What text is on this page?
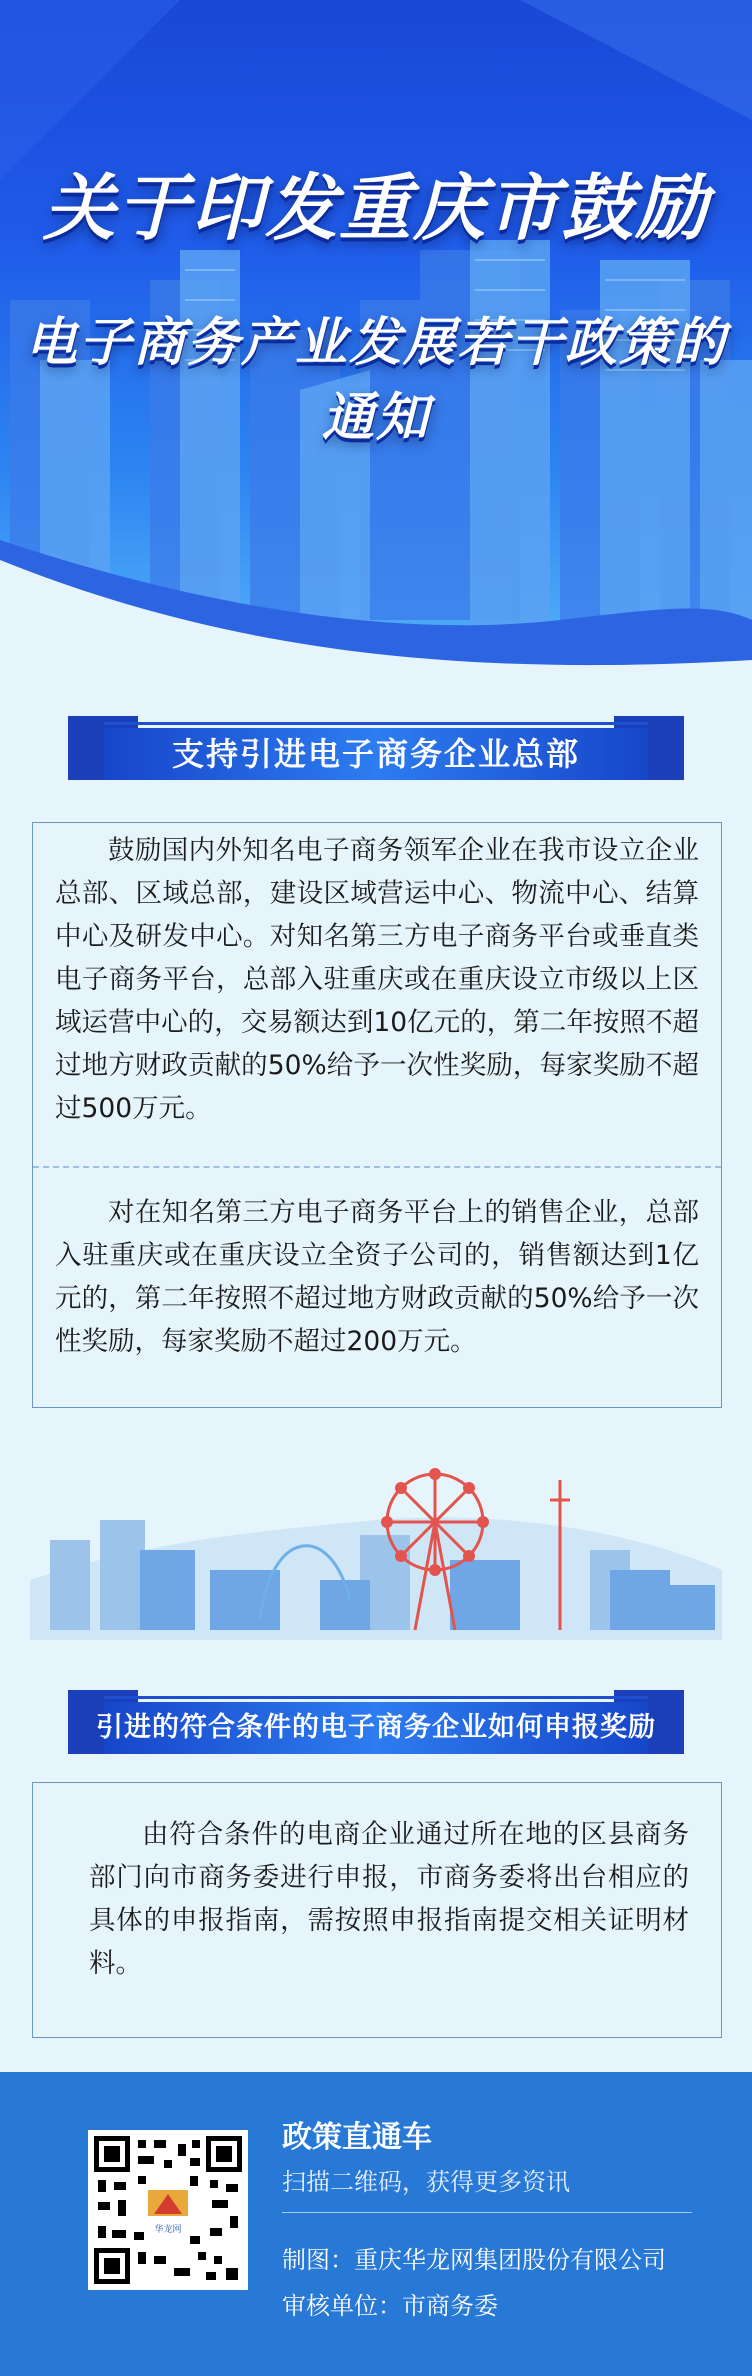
关于印发重庆市鼓励
电子商务产业发展若干政策的通知
支持引进电子商务企业总部
鼓励国内外知名电子商务领军企业在我市设立企业总部、区域总部，建设区域营运中心、物流中心、结算中心及研发中心。对知名第三方电子商务平台或垂直类电子商务平台，总部入驻重庆或在重庆设立市级以上区域运营中心的，交易额达到10亿元的，第二年按照不超过地方财政贡献的50%给予一次性奖励，每家奖励不超过500万元。
对在知名第三方电子商务平台上的销售企业，总部入驻重庆或在重庆设立全资子公司的，销售额达到1亿元的，第二年按照不超过地方财政贡献的50%给予一次性奖励，每家奖励不超过200万元。
引进的符合条件的电子商务企业如何申报奖励
由符合条件的电商企业通过所在地的区县商务部门向市商务委进行申报，市商务委将出台相应的具体的申报指南，需按照申报指南提交相关证明材料。
华龙网
政策直通车
扫描二维码，获得更多资讯
制图：重庆华龙网集团股份有限公司
审核单位：市商务委
